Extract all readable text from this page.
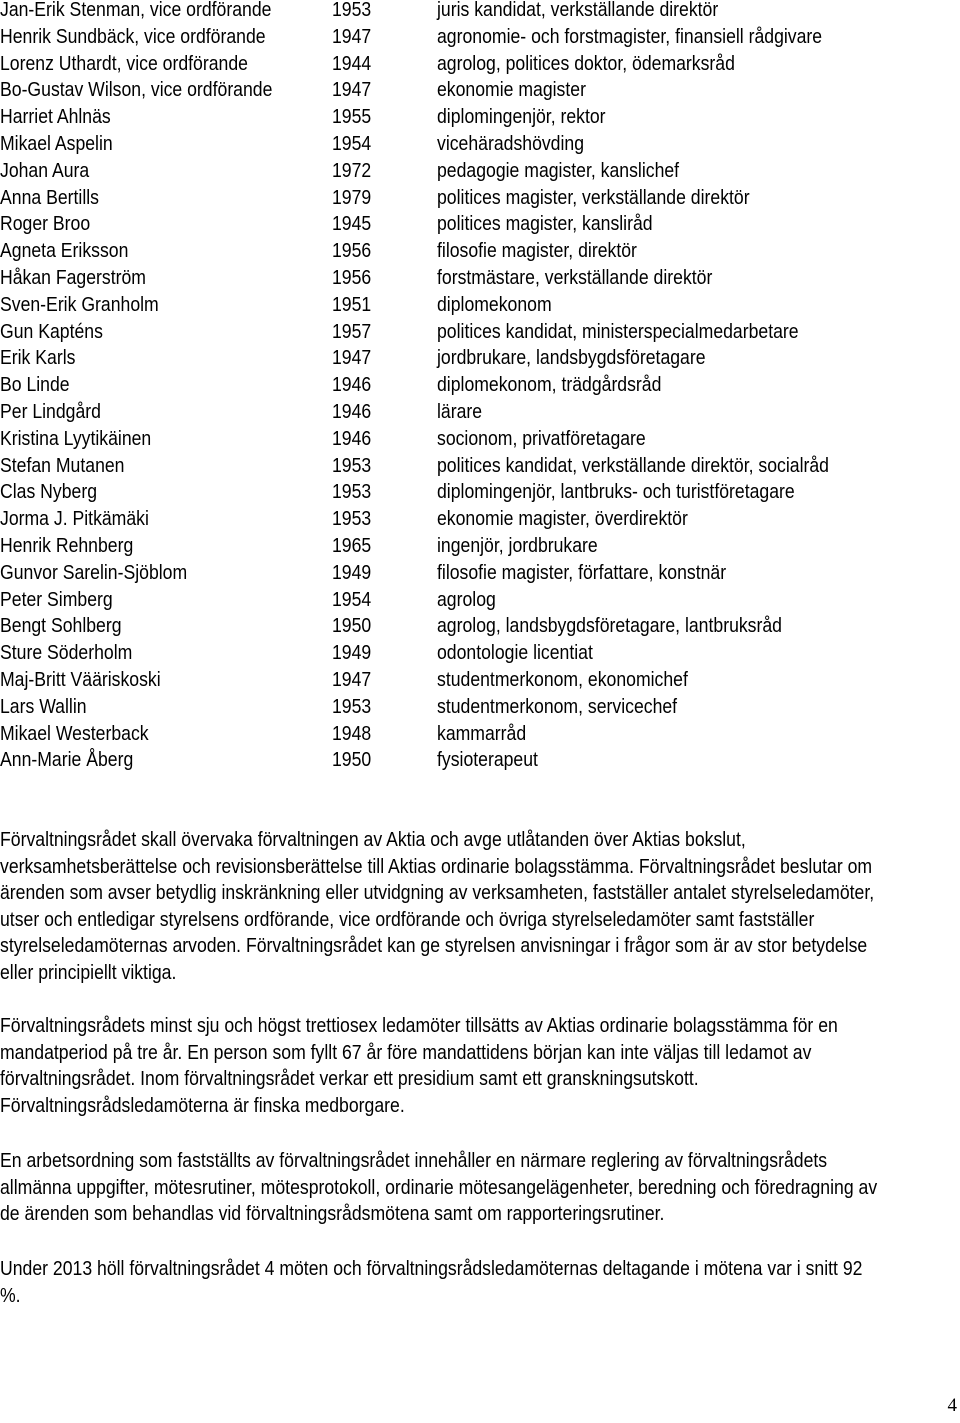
Jan-Erik Stenman, vice ordförande	1953	juris kandidat, verkställande direktör
Henrik Sundbäck, vice ordförande	1947	agronomie- och forstmagister, finansiell rådgivare
Lorenz Uthardt, vice ordförande	1944	agrolog, politices doktor, ödemarksråd
Bo-Gustav Wilson, vice ordförande	1947	ekonomie magister
Harriet Ahlnäs	1955	diplomingenjör, rektor
Mikael Aspelin	1954	vicehäradshövding
Johan Aura	1972	pedagogie magister, kanslichef
Anna Bertills	1979	politices magister, verkställande direktör
Roger Broo	1945	politices magister, kansliråd
Agneta Eriksson	1956	filosofie magister, direktör
Håkan Fagerström	1956	forstmästare, verkställande direktör
Sven-Erik Granholm	1951	diplomekonom
Gun Kapténs	1957	politices kandidat, ministerspecialmedarbetare
Erik Karls	1947	jordbrukare, landsbygdsföretagare
Bo Linde	1946	diplomekonom, trädgårdsråd
Per Lindgård	1946	lärare
Kristina Lyytikäinen	1946	socionom, privatföretagare
Stefan Mutanen	1953	politices kandidat, verkställande direktör, socialråd
Clas Nyberg	1953	diplomingenjör, lantbruks- och turistföretagare
Jorma J. Pitkämäki	1953	ekonomie magister, överdirektör
Henrik Rehnberg	1965	ingenjör, jordbrukare
Gunvor Sarelin-Sjöblom	1949	filosofie magister, författare, konstnär
Peter Simberg	1954	agrolog
Bengt Sohlberg	1950	agrolog, landsbygdsföretagare, lantbruksråd
Sture Söderholm	1949	odontologie licentiat
Maj-Britt Vääriskoski	1947	studentmerkonom, ekonomichef
Lars Wallin	1953	studentmerkonom, servicechef
Mikael Westerback	1948	kammarråd
Ann-Marie Åberg	1950	fysioterapeut
Förvaltningsrådet skall övervaka förvaltningen av Aktia och avge utlåtanden över Aktias bokslut,
verksamhetsberättelse och revisionsberättelse till Aktias ordinarie bolagsstämma. Förvaltningsrådet beslutar om
ärenden som avser betydlig inskränkning eller utvidgning av verksamheten, fastställer antalet styrelseledamöter,
utser och entledigar styrelsens ordförande, vice ordförande och övriga styrelseledamöter samt fastställer
styrelseledamöternas arvoden. Förvaltningsrådet kan ge styrelsen anvisningar i frågor som är av stor betydelse
eller principiellt viktiga.
Förvaltningsrådets minst sju och högst trettiosex ledamöter tillsätts av Aktias ordinarie bolagsstämma för en
mandatperiod på tre år. En person som fyllt 67 år före mandattidens början kan inte väljas till ledamot av
förvaltningsrådet. Inom förvaltningsrådet verkar ett presidium samt ett granskningsutskott.
Förvaltningsrådsledamöterna är finska medborgare.
En arbetsordning som fastställts av förvaltningsrådet innehåller en närmare reglering av förvaltningsrådets
allmänna uppgifter, mötesrutiner, mötesprotokoll, ordinarie mötesangelägenheter, beredning och föredragning av
de ärenden som behandlas vid förvaltningsrådsmötena samt om rapporteringsrutiner.
Under 2013 höll förvaltningsrådet 4 möten och förvaltningsrådsledamöternas deltagande i mötena var i snitt 92
%.
4
